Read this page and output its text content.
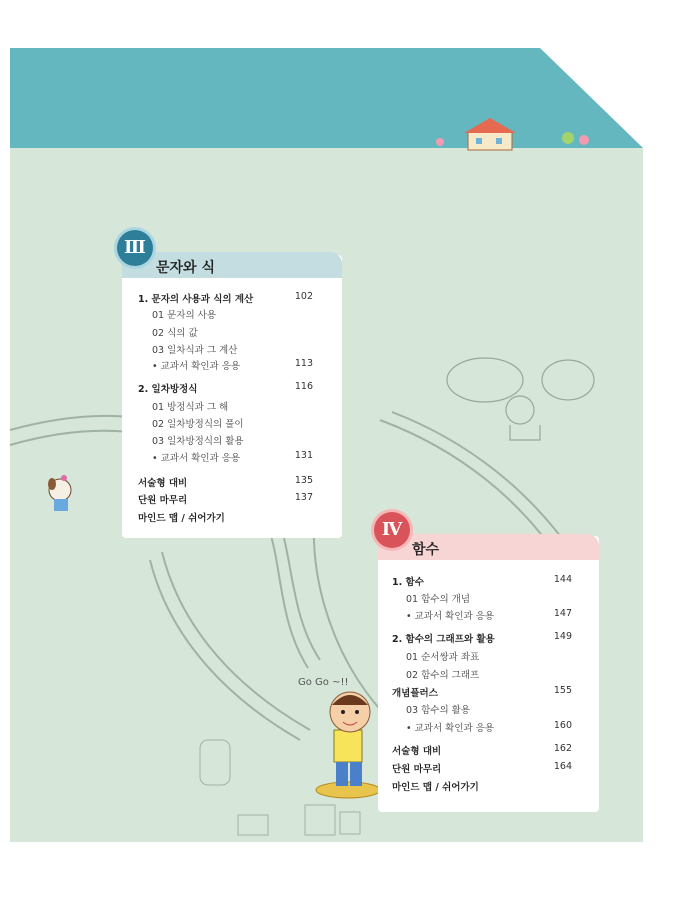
Go Go ~!!
문자와 식
Ⅲ
1. 문자의 사용과 식의 계산	102
01 문자의 사용
02 식의 값
03 일차식과 그 계산
• 교과서 확인과 응용	113
2. 일차방정식	116
01 방정식과 그 해
02 일차방정식의 풀이
03 일차방정식의 활용
• 교과서 확인과 응용	131
서술형 대비	135
단원 마무리	137
마인드 맵 / 쉬어가기
함수
Ⅳ
1. 함수	144
01 함수의 개념
• 교과서 확인과 응용	147
2. 함수의 그래프와 활용	149
01 순서쌍과 좌표
02 함수의 그래프
개념플러스	155
03 함수의 활용
• 교과서 확인과 응용	160
서술형 대비	162
단원 마무리	164
마인드 맵 / 쉬어가기
